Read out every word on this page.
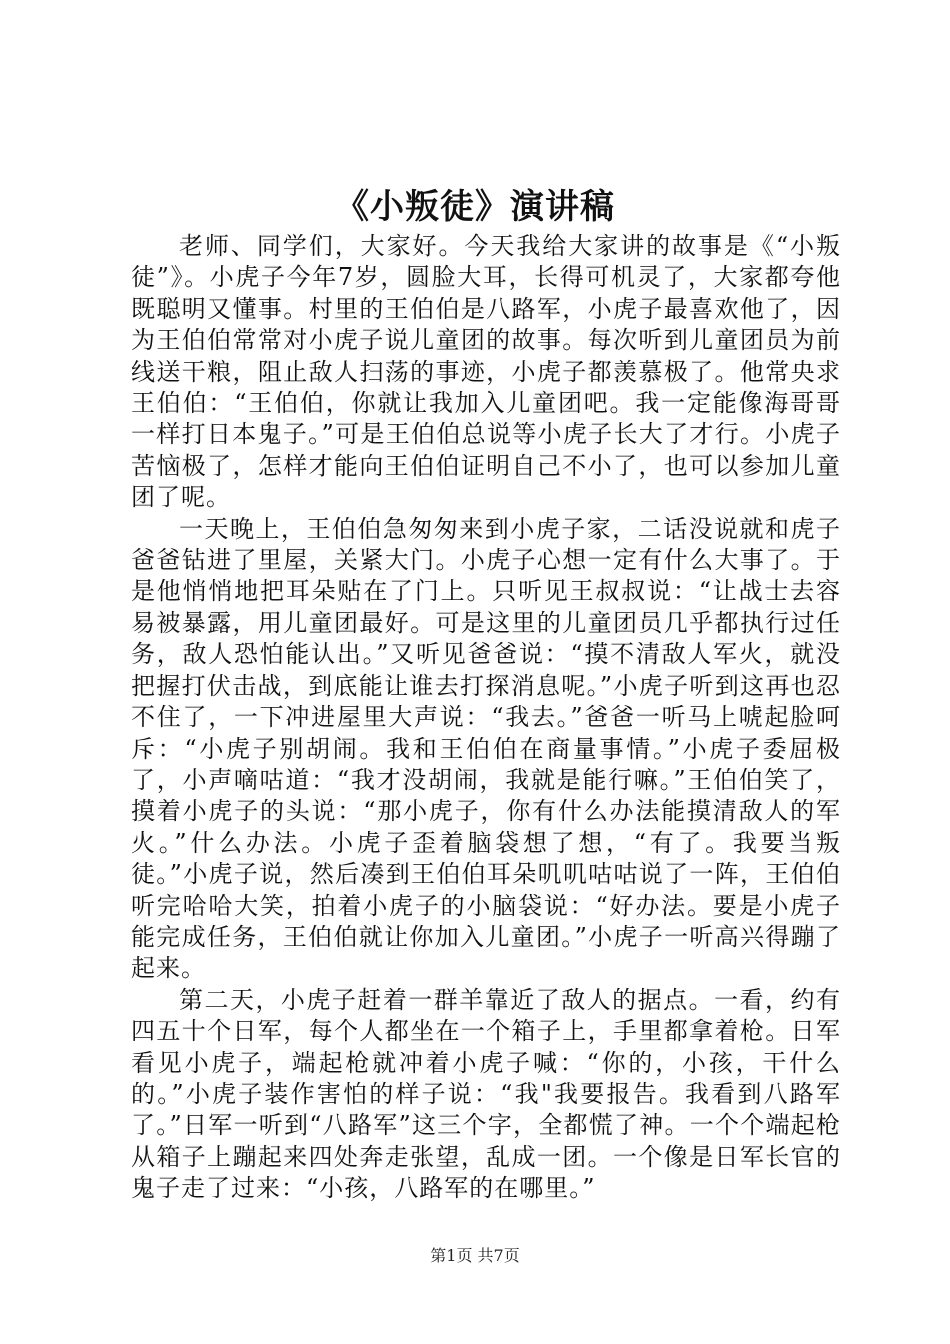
《小叛徒》演讲稿

老师、同学们，大家好。今天我给大家讲的故事是《“小叛徒”》。小虎子今年7岁，圆脸大耳，长得可机灵了，大家都夸他既聪明又懂事。村里的王伯伯是八路军，小虎子最喜欢他了，因为王伯伯常常对小虎子说儿童团的故事。每次听到儿童团员为前线送干粮，阻止敌人扫荡的事迹，小虎子都羡慕极了。他常央求王伯伯：“王伯伯，你就让我加入儿童团吧。我一定能像海哥哥一样打日本鬼子。”可是王伯伯总说等小虎子长大了才行。小虎子苦恼极了，怎样才能向王伯伯证明自己不小了，也可以参加儿童团了呢。

一天晚上，王伯伯急匆匆来到小虎子家，二话没说就和虎子爸爸钻进了里屋，关紧大门。小虎子心想一定有什么大事了。于是他悄悄地把耳朵贴在了门上。只听见王叔叔说：“让战士去容易被暴露，用儿童团最好。可是这里的儿童团员几乎都执行过任务，敌人恐怕能认出。”又听见爸爸说：“摸不清敌人军火，就没把握打伏击战，到底能让谁去打探消息呢。”小虎子听到这再也忍不住了，一下冲进屋里大声说：“我去。”爸爸一听马上唬起脸呵斥：“小虎子别胡闹。我和王伯伯在商量事情。”小虎子委屈极了，小声嘀咕道：“我才没胡闹，我就是能行嘛。”王伯伯笑了，摸着小虎子的头说：“那小虎子，你有什么办法能摸清敌人的军火。”什么办法。小虎子歪着脑袋想了想，“有了。我要当叛徒。”小虎子说，然后凑到王伯伯耳朵叽叽咕咕说了一阵，王伯伯听完哈哈大笑，拍着小虎子的小脑袋说：“好办法。要是小虎子能完成任务，王伯伯就让你加入儿童团。”小虎子一听高兴得蹦了起来。

第二天，小虎子赶着一群羊靠近了敌人的据点。一看，约有四五十个日军，每个人都坐在一个箱子上，手里都拿着枪。日军看见小虎子，端起枪就冲着小虎子喊：“你的，小孩，干什么的。”小虎子装作害怕的样子说：“我"我要报告。我看到八路军了。”日军一听到“八路军”这三个字，全都慌了神。一个个端起枪从箱子上蹦起来四处奔走张望，乱成一团。一个像是日军长官的鬼子走了过来：“小孩，八路军的在哪里。”

第1页 共7页
